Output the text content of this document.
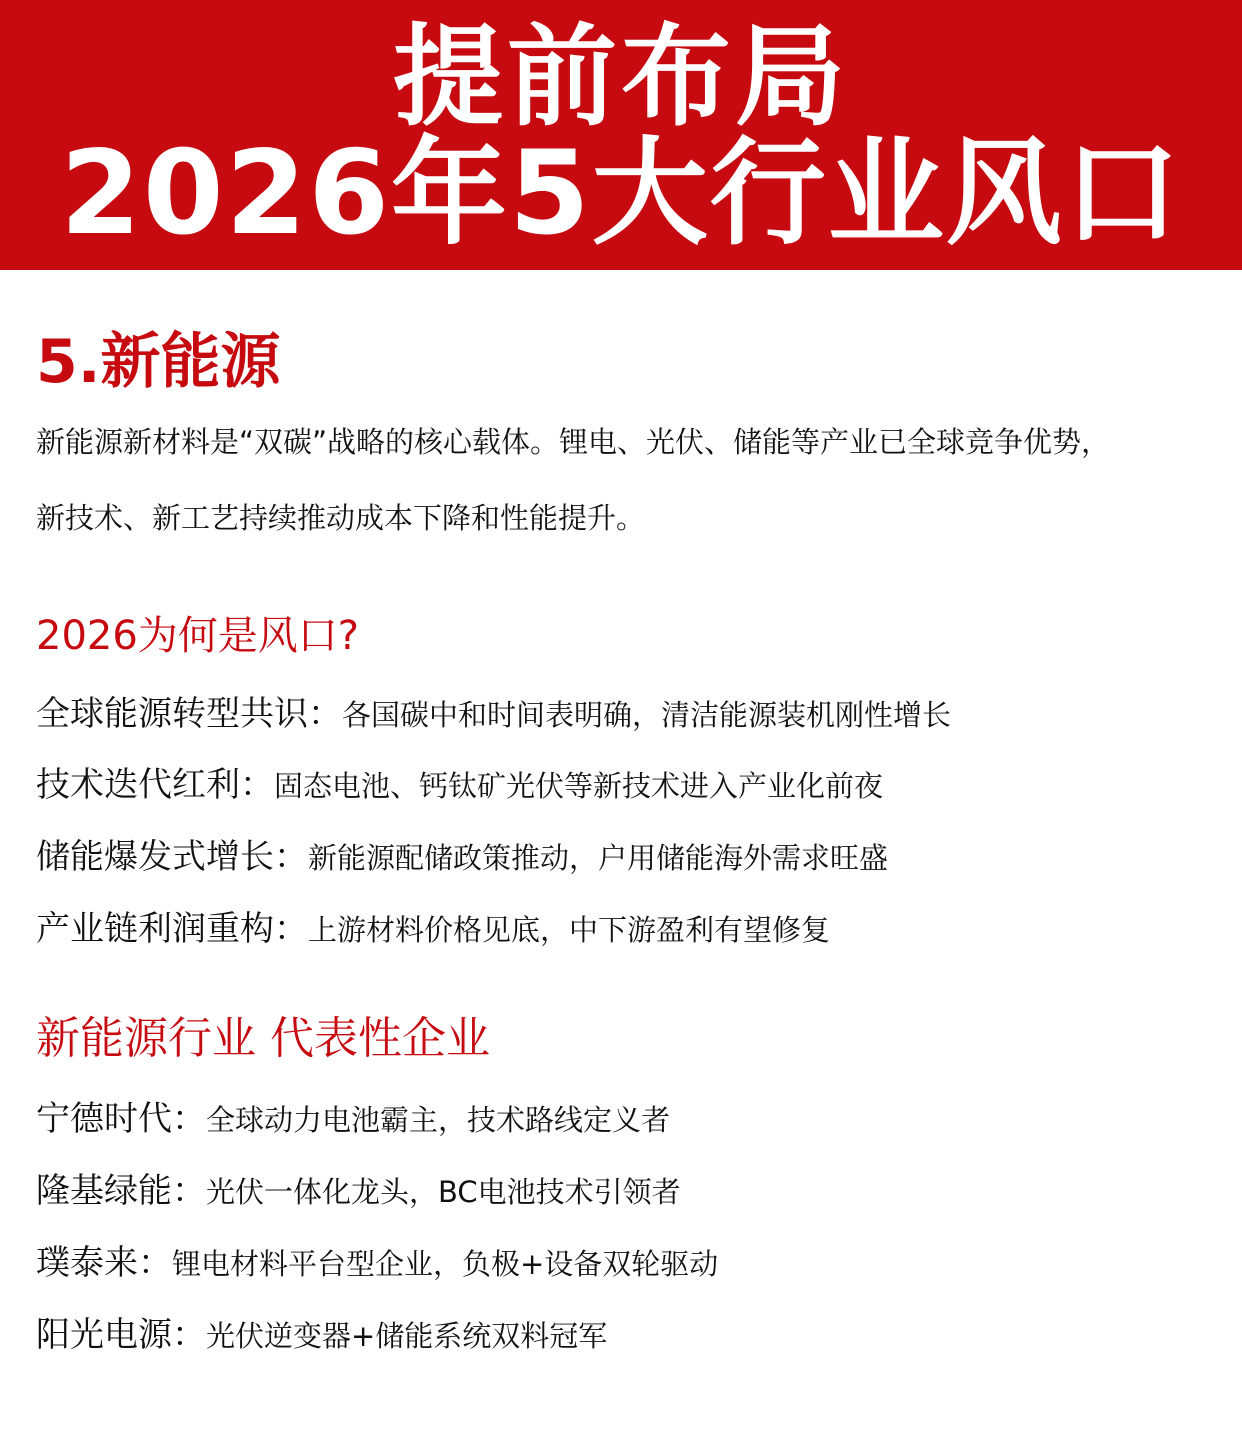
提前布局
2026年5大行业风口
5.新能源
新能源新材料是“双碳”战略的核心载体。锂电、光伏、储能等产业已全球竞争优势，
新技术、新工艺持续推动成本下降和性能提升。
2026为何是风口?
全球能源转型共识：各国碳中和时间表明确，清洁能源装机刚性增长
技术迭代红利：固态电池、钙钛矿光伏等新技术进入产业化前夜
储能爆发式增长：新能源配储政策推动，户用储能海外需求旺盛
产业链利润重构：上游材料价格见底，中下游盈利有望修复
新能源行业 代表性企业
宁德时代：全球动力电池霸主，技术路线定义者
隆基绿能：光伏一体化龙头，BC电池技术引领者
璞泰来：锂电材料平台型企业，负极+设备双轮驱动
阳光电源：光伏逆变器+储能系统双料冠军
